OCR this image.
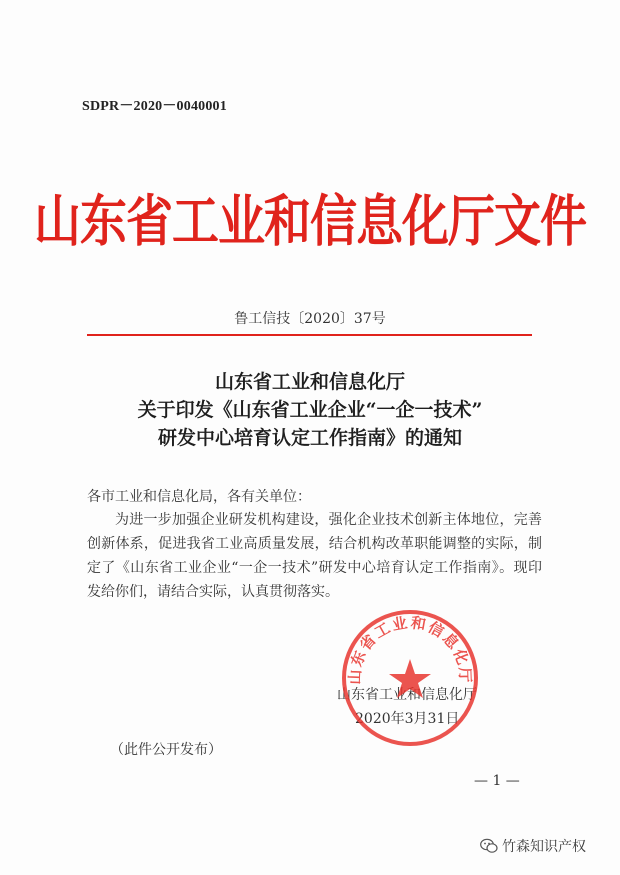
SDPR－2020－0040001
山东省工业和信息化厅文件
鲁工信技〔2020〕37号
山东省工业和信息化厅
关于印发《山东省工业企业“一企一技术”
研发中心培育认定工作指南》的通知
各市工业和信息化局，各有关单位：
为进一步加强企业研发机构建设，强化企业技术创新主体地位，完善创新体系，促进我省工业高质量发展，结合机构改革职能调整的实际，制定了《山东省工业企业“一企一技术”研发中心培育认定工作指南》。现印发给你们，请结合实际，认真贯彻落实。
山东省工业和信息化厅
2020年3月31日
山东省工业和信息化厅
（此件公开发布）
— 1 —
竹森知识产权
